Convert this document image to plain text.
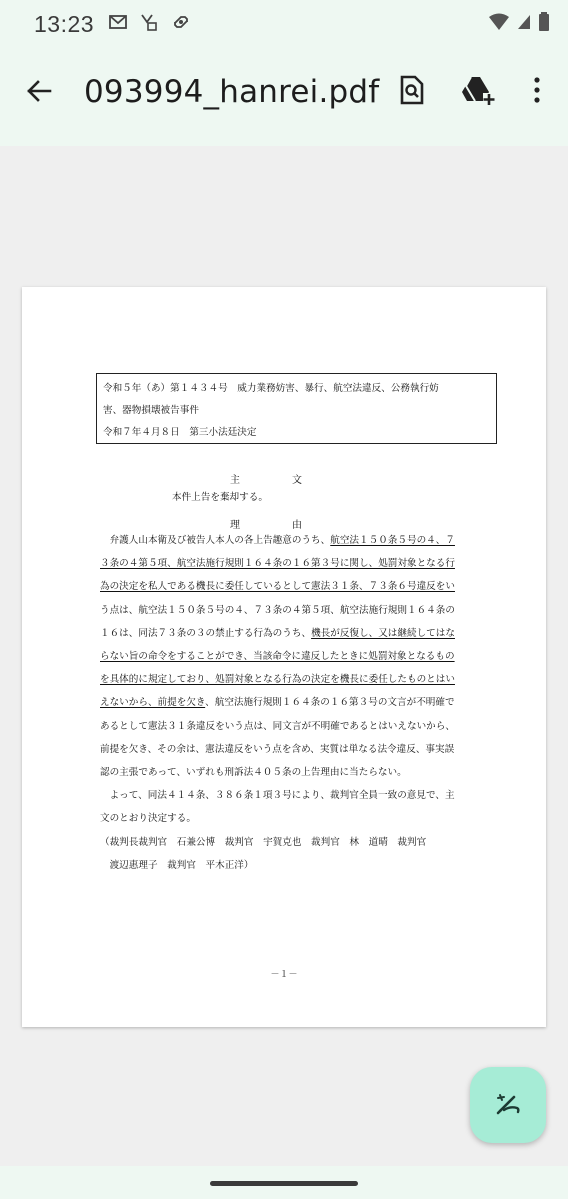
13:23
093994_hanrei.pdf
令和５年（あ）第１４３４号　威力業務妨害、暴行、航空法違反、公務執行妨
害、器物損壊被告事件
令和７年４月８日　第三小法廷決定
主	文
本件上告を棄却する。
理	由
　弁護人山本衛及び被告人本人の各上告趣意のうち、航空法１５０条５号の４、７
３条の４第５項、航空法施行規則１６４条の１６第３号に関し、処罰対象となる行
為の決定を私人である機長に委任しているとして憲法３１条、７３条６号違反をい
う点は、航空法１５０条５号の４、７３条の４第５項、航空法施行規則１６４条の
１６は、同法７３条の３の禁止する行為のうち、機長が反復し、又は継続してはな
らない旨の命令をすることができ、当該命令に違反したときに処罰対象となるもの
を具体的に規定しており、処罰対象となる行為の決定を機長に委任したものとはい
えないから、前提を欠き、航空法施行規則１６４条の１６第３号の文言が不明確で
あるとして憲法３１条違反をいう点は、同文言が不明確であるとはいえないから、
前提を欠き、その余は、憲法違反をいう点を含め、実質は単なる法令違反、事実誤
認の主張であって、いずれも刑訴法４０５条の上告理由に当たらない。
　よって、同法４１４条、３８６条１項３号により、裁判官全員一致の意見で、主
文のとおり決定する。
（裁判長裁判官　石兼公博　裁判官　宇賀克也　裁判官　林　道晴　裁判官
　渡辺惠理子　裁判官　平木正洋）
－１－
